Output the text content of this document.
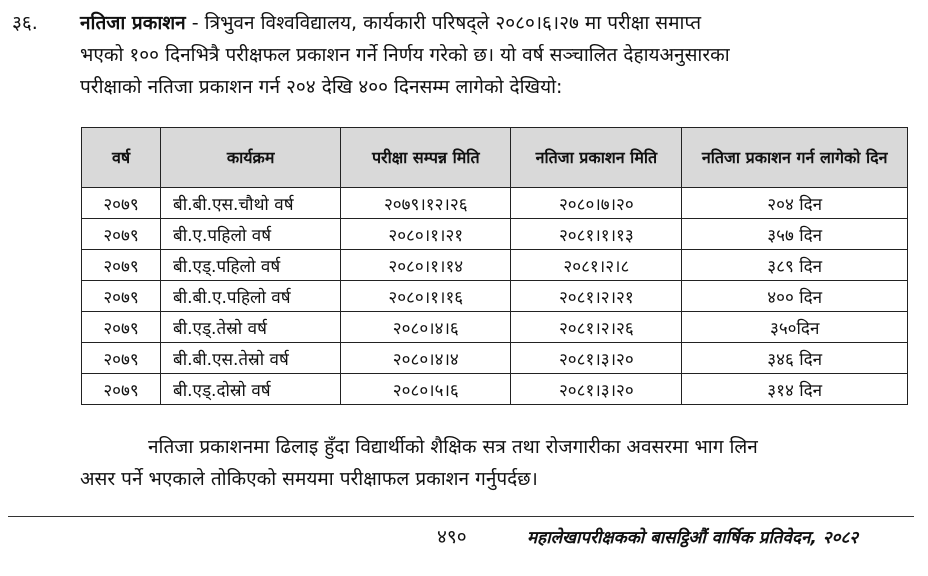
३६. नतिजा प्रकाशन - त्रिभुवन विश्वविद्यालय, कार्यकारी परिषद्ले २०८०।६।२७ मा परीक्षा समाप्त
भएको १०० दिनभित्रै परीक्षफल प्रकाशन गर्ने निर्णय गरेको छ। यो वर्ष सञ्चालित देहायअनुसारका
परीक्षाको नतिजा प्रकाशन गर्न २०४ देखि ४०० दिनसम्म लागेको देखियो:
वर्ष	कार्यक्रम	परीक्षा सम्पन्न मिति	नतिजा प्रकाशन मिति	नतिजा प्रकाशन गर्न लागेको दिन
२०७९	बी.बी.एस.चौथो वर्ष	२०७९।१२।२६	२०८०।७।२०	२०४ दिन
२०७९	बी.ए.पहिलो वर्ष	२०८०।१।२१	२०८१।१।१३	३५७ दिन
२०७९	बी.एड्.पहिलो वर्ष	२०८०।१।१४	२०८१।२।८	३८९ दिन
२०७९	बी.बी.ए.पहिलो वर्ष	२०८०।१।१६	२०८१।२।२१	४०० दिन
२०७९	बी.एड्.तेस्रो वर्ष	२०८०।४।६	२०८१।२।२६	३५०दिन
२०७९	बी.बी.एस.तेस्रो वर्ष	२०८०।४।४	२०८१।३।२०	३४६ दिन
२०७९	बी.एड्.दोस्रो वर्ष	२०८०।५।६	२०८१।३।२०	३१४ दिन
नतिजा प्रकाशनमा ढिलाइ हुँदा विद्यार्थीको शैक्षिक सत्र तथा रोजगारीका अवसरमा भाग लिन
असर पर्ने भएकाले तोकिएको समयमा परीक्षाफल प्रकाशन गर्नुपर्दछ।
४९०	महालेखापरीक्षकको बासट्ठिऔं वार्षिक प्रतिवेदन, २०८२
